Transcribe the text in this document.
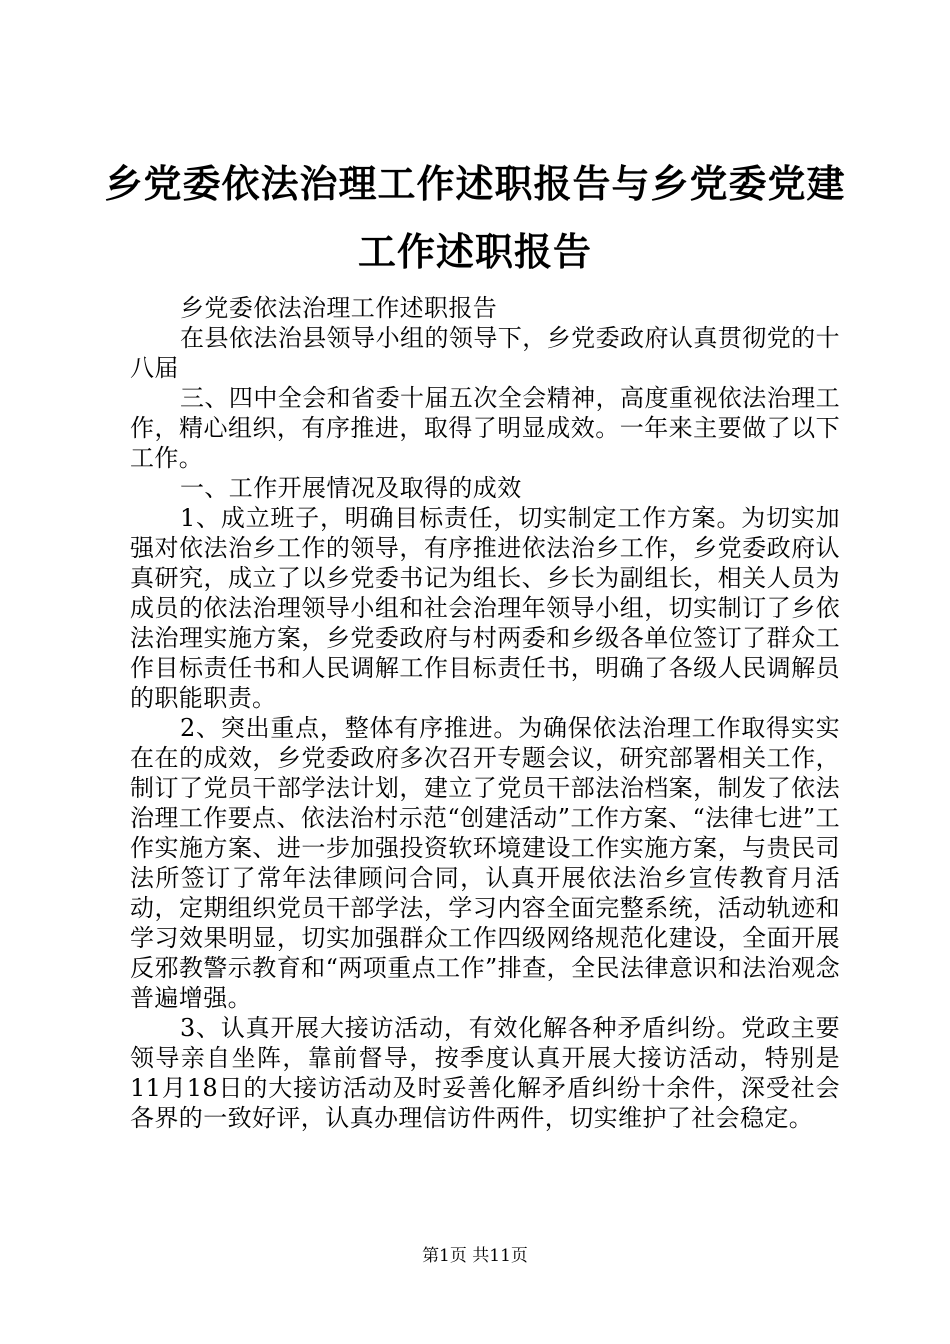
乡党委依法治理工作述职报告与乡党委党建工作述职报告

乡党委依法治理工作述职报告

在县依法治县领导小组的领导下，乡党委政府认真贯彻党的十八届

三、四中全会和省委十届五次全会精神，高度重视依法治理工作，精心组织，有序推进，取得了明显成效。一年来主要做了以下工作。

一、工作开展情况及取得的成效

1、成立班子，明确目标责任，切实制定工作方案。为切实加强对依法治乡工作的领导，有序推进依法治乡工作，乡党委政府认真研究，成立了以乡党委书记为组长、乡长为副组长，相关人员为成员的依法治理领导小组和社会治理年领导小组，切实制订了乡依法治理实施方案，乡党委政府与村两委和乡级各单位签订了群众工作目标责任书和人民调解工作目标责任书，明确了各级人民调解员的职能职责。

2、突出重点，整体有序推进。为确保依法治理工作取得实实在在的成效，乡党委政府多次召开专题会议，研究部署相关工作，制订了党员干部学法计划，建立了党员干部法治档案，制发了依法治理工作要点、依法治村示范“创建活动”工作方案、“法律七进”工作实施方案、进一步加强投资软环境建设工作实施方案，与贵民司法所签订了常年法律顾问合同，认真开展依法治乡宣传教育月活动，定期组织党员干部学法，学习内容全面完整系统，活动轨迹和学习效果明显，切实加强群众工作四级网络规范化建设，全面开展反邪教警示教育和“两项重点工作”排查，全民法律意识和法治观念普遍增强。

3、认真开展大接访活动，有效化解各种矛盾纠纷。党政主要领导亲自坐阵，靠前督导，按季度认真开展大接访活动，特别是11月18日的大接访活动及时妥善化解矛盾纠纷十余件，深受社会各界的一致好评，认真办理信访件两件，切实维护了社会稳定。

第1页 共11页
